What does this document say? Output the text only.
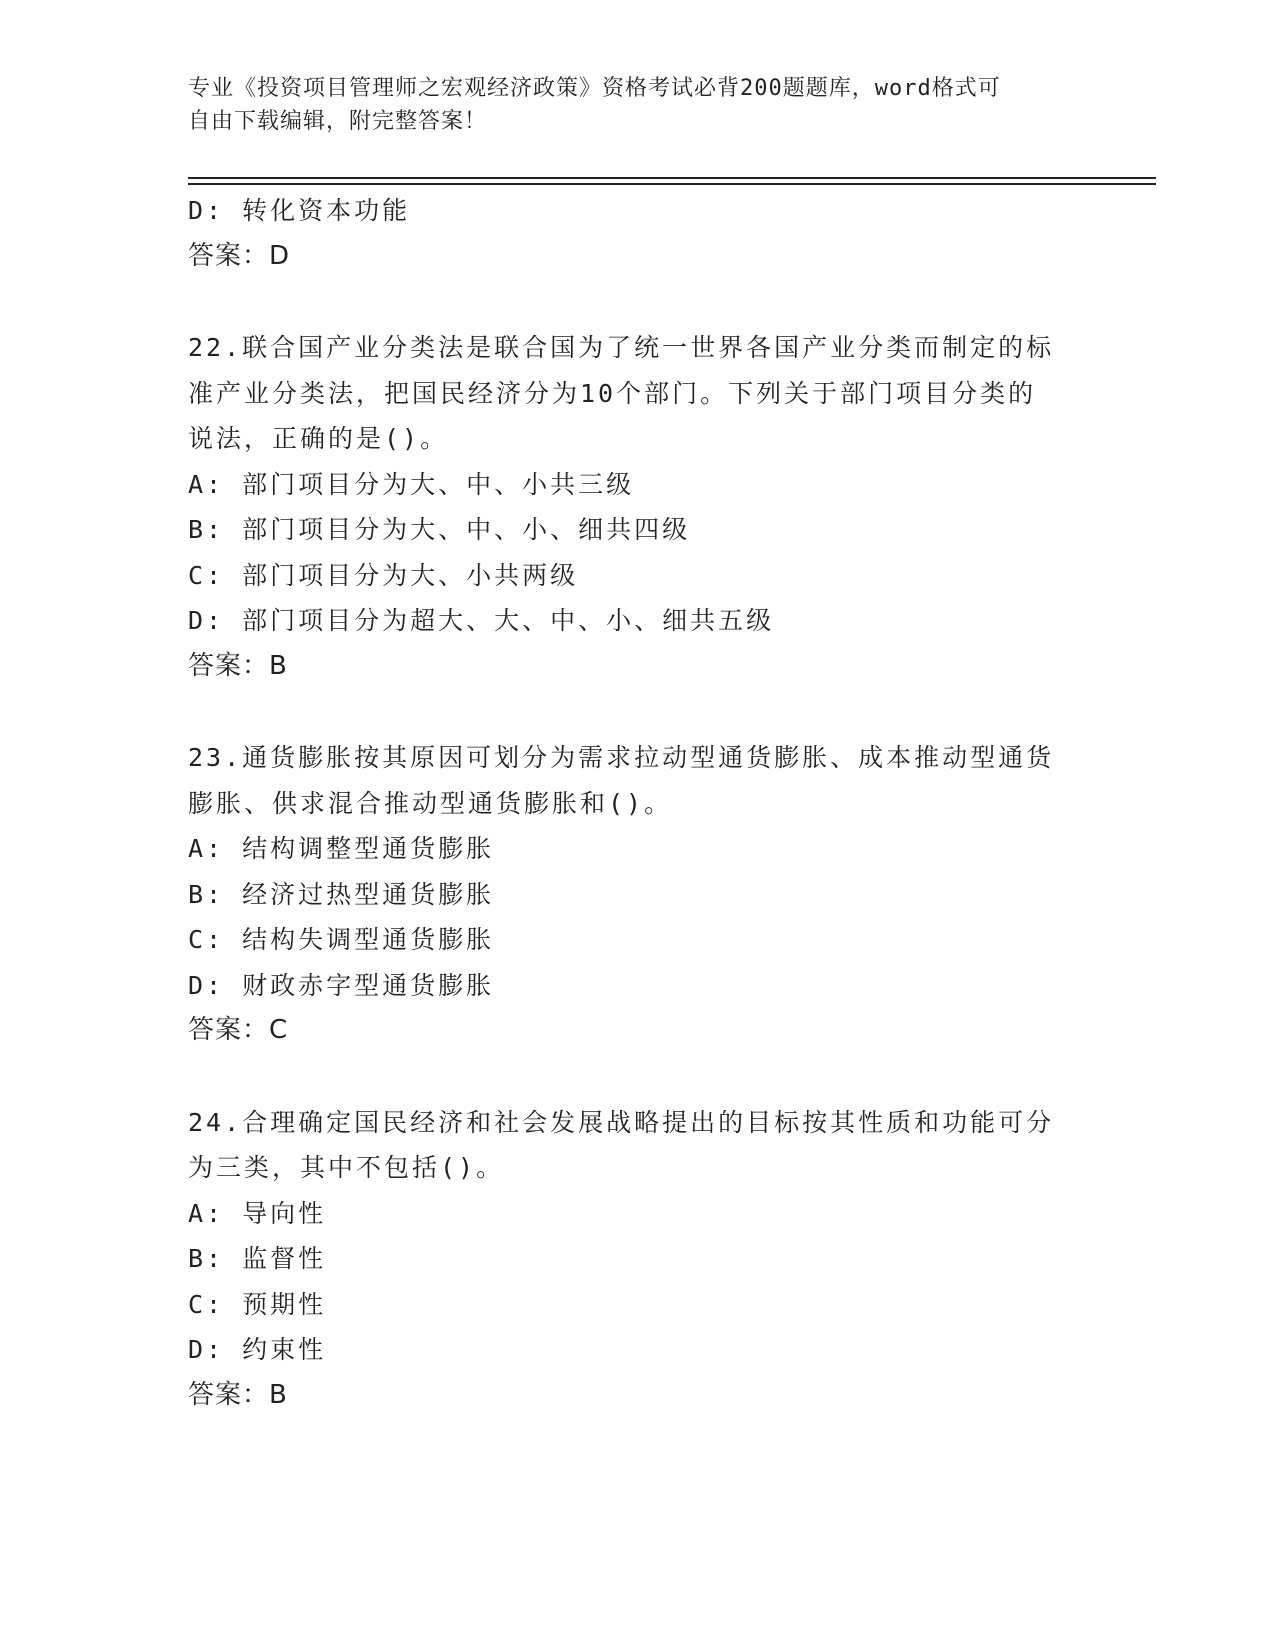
专业《投资项目管理师之宏观经济政策》资格考试必背200题题库，word格式可
自由下载编辑，附完整答案！
D: 转化资本功能
答案：D
22.联合国产业分类法是联合国为了统一世界各国产业分类而制定的标
准产业分类法，把国民经济分为10个部门。下列关于部门项目分类的
说法，正确的是()。
A: 部门项目分为大、中、小共三级
B: 部门项目分为大、中、小、细共四级
C: 部门项目分为大、小共两级
D: 部门项目分为超大、大、中、小、细共五级
答案：B
23.通货膨胀按其原因可划分为需求拉动型通货膨胀、成本推动型通货
膨胀、供求混合推动型通货膨胀和()。
A: 结构调整型通货膨胀
B: 经济过热型通货膨胀
C: 结构失调型通货膨胀
D: 财政赤字型通货膨胀
答案：C
24.合理确定国民经济和社会发展战略提出的目标按其性质和功能可分
为三类，其中不包括()。
A: 导向性
B: 监督性
C: 预期性
D: 约束性
答案：B
